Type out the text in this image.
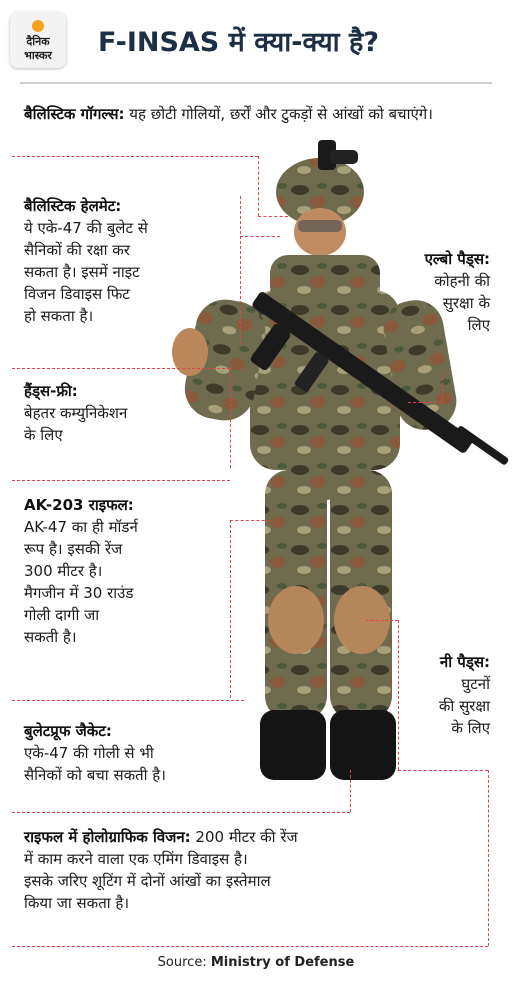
दैनिक
भास्कर	F-INSAS में क्या-क्या है?
बैलिस्टिक गॉगल्स: यह छोटी गोलियों, छर्रों और टुकड़ों से आंखों को बचाएंगे।
बैलिस्टिक हेलमेट:
ये एके-47 की बुलेट से
सैनिकों की रक्षा कर
सकता है। इसमें नाइट
विजन डिवाइस फिट
हो सकता है।
एल्बो पैड्स:
कोहनी की
सुरक्षा के
लिए
हैंड्स-फ्री:
बेहतर कम्युनिकेशन
के लिए
AK-203 राइफल:
AK-47 का ही मॉडर्न
रूप है। इसकी रेंज
300 मीटर है।
मैगजीन में 30 राउंड
गोली दागी जा
सकती है।
नी पैड्स:
घुटनों
की सुरक्षा
के लिए
बुलेटप्रूफ जैकेट:
एके-47 की गोली से भी
सैनिकों को बचा सकती है।
राइफल में होलोग्राफिक विजन: 200 मीटर की रेंज
में काम करने वाला एक एमिंग डिवाइस है।
इसके जरिए शूटिंग में दोनों आंखों का इस्तेमाल
किया जा सकता है।
Source: Ministry of Defense
